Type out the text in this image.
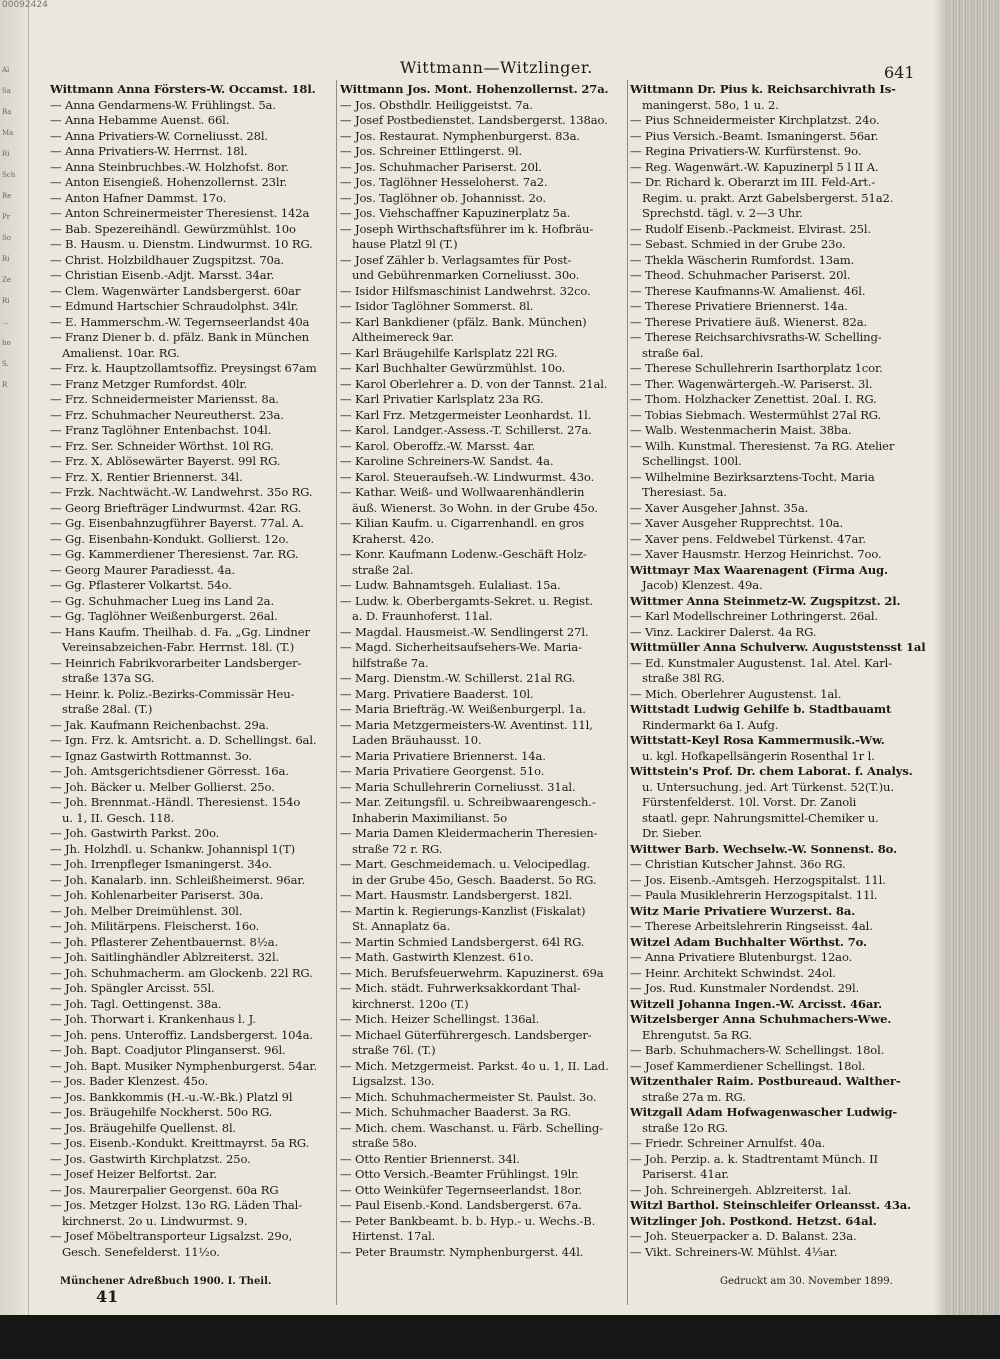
00092424
Al
Sa
Ba
Ma
Ri
Sch
Re
Pr
So
Ri
Ze
Ri
...
ho
S.
R
Wittmann—Witzlinger.	641
Wittmann Anna Försters-W. Occamst. 18l.
— Anna Gendarmens-W. Frühlingst. 5a.
— Anna Hebamme Auenst. 66l.
— Anna Privatiers-W. Corneliusst. 28l.
— Anna Privatiers-W. Herrnst. 18l.
— Anna Steinbruchbes.-W. Holzhofst. 8or.
— Anton Eisengieß. Hohenzollernst. 23lr.
— Anton Hafner Dammst. 17o.
— Anton Schreinermeister Theresienst. 142a
— Bab. Spezereihändl. Gewürzmühlst. 10o
— B. Hausm. u. Dienstm. Lindwurmst. 10 RG.
— Christ. Holzbildhauer Zugspitzst. 70a.
— Christian Eisenb.-Adjt. Marsst. 34ar.
— Clem. Wagenwärter Landsbergerst. 60ar
— Edmund Hartschier Schraudolphst. 34lr.
— E. Hammerschm.-W. Tegernseerlandst 40a
— Franz Diener b. d. pfälz. Bank in München
Amalienst. 10ar. RG.
— Frz. k. Hauptzollamtsoffiz. Preysingst 67am
— Franz Metzger Rumfordst. 40lr.
— Frz. Schneidermeister Mariensst. 8a.
— Frz. Schuhmacher Neureutherst. 23a.
— Franz Taglöhner Entenbachst. 104l.
— Frz. Ser. Schneider Wörthst. 10l RG.
— Frz. X. Ablösewärter Bayerst. 99l RG.
— Frz. X. Rentier Briennerst. 34l.
— Frzk. Nachtwächt.-W. Landwehrst. 35o RG.
— Georg Briefträger Lindwurmst. 42ar. RG.
— Gg. Eisenbahnzugführer Bayerst. 77al. A.
— Gg. Eisenbahn-Kondukt. Gollierst. 12o.
— Gg. Kammerdiener Theresienst. 7ar. RG.
— Georg Maurer Paradiesst. 4a.
— Gg. Pflasterer Volkartst. 54o.
— Gg. Schuhmacher Lueg ins Land 2a.
— Gg. Taglöhner Weißenburgerst. 26al.
— Hans Kaufm. Theilhab. d. Fa. „Gg. Lindner
Vereinsabzeichen-Fabr. Herrnst. 18l. (T.)
— Heinrich Fabrikvorarbeiter Landsberger-
straße 137a SG.
— Heinr. k. Poliz.-Bezirks-Commissär Heu-
straße 28al. (T.)
— Jak. Kaufmann Reichenbachst. 29a.
— Ign. Frz. k. Amtsricht. a. D. Schellingst. 6al.
— Ignaz Gastwirth Rottmannst. 3o.
— Joh. Amtsgerichtsdiener Görresst. 16a.
— Joh. Bäcker u. Melber Gollierst. 25o.
— Joh. Brennmat.-Händl. Theresienst. 154o
u. 1, II. Gesch. 118.
— Joh. Gastwirth Parkst. 20o.
— Jh. Holzhdl. u. Schankw. Johannispl 1(T)
— Joh. Irrenpfleger Ismaningerst. 34o.
— Joh. Kanalarb. inn. Schleißheimerst. 96ar.
— Joh. Kohlenarbeiter Pariserst. 30a.
— Joh. Melber Dreimühlenst. 30l.
— Joh. Militärpens. Fleischerst. 16o.
— Joh. Pflasterer Zehentbauernst. 8½a.
— Joh. Saitlinghändler Ablzreiterst. 32l.
— Joh. Schuhmacherm. am Glockenb. 22l RG.
— Joh. Spängler Arcisst. 55l.
— Joh. Tagl. Oettingenst. 38a.
— Joh. Thorwart i. Krankenhaus l. J.
— Joh. pens. Unteroffiz. Landsbergerst. 104a.
— Joh. Bapt. Coadjutor Plinganserst. 96l.
— Joh. Bapt. Musiker Nymphenburgerst. 54ar.
— Jos. Bader Klenzest. 45o.
— Jos. Bankkommis (H.-u.-W.-Bk.) Platzl 9l
— Jos. Bräugehilfe Nockherst. 50o RG.
— Jos. Bräugehilfe Quellenst. 8l.
— Jos. Eisenb.-Kondukt. Kreittmayrst. 5a RG.
— Jos. Gastwirth Kirchplatzst. 25o.
— Josef Heizer Belfortst. 2ar.
— Jos. Maurerpalier Georgenst. 60a RG
— Jos. Metzger Holzst. 13o RG. Läden Thal-
kirchnerst. 2o u. Lindwurmst. 9.
— Josef Möbeltransporteur Ligsalzst. 29o,
Gesch. Senefelderst. 11½o.
Wittmann Jos. Mont. Hohenzollernst. 27a.
— Jos. Obsthdlr. Heiliggeistst. 7a.
— Josef Postbedienstet. Landsbergerst. 138ao.
— Jos. Restaurat. Nymphenburgerst. 83a.
— Jos. Schreiner Ettlingerst. 9l.
— Jos. Schuhmacher Pariserst. 20l.
— Jos. Taglöhner Hesseloherst. 7a2.
— Jos. Taglöhner ob. Johannisst. 2o.
— Jos. Viehschaffner Kapuzinerplatz 5a.
— Joseph Wirthschaftsführer im k. Hofbräu-
hause Platzl 9l (T.)
— Josef Zähler b. Verlagsamtes für Post-
und Gebührenmarken Corneliusst. 30o.
— Isidor Hilfsmaschinist Landwehrst. 32co.
— Isidor Taglöhner Sommerst. 8l.
— Karl Bankdiener (pfälz. Bank. München)
Altheimereck 9ar.
— Karl Bräugehilfe Karlsplatz 22l RG.
— Karl Buchhalter Gewürzmühlst. 10o.
— Karol Oberlehrer a. D. von der Tannst. 21al.
— Karl Privatier Karlsplatz 23a RG.
— Karl Frz. Metzgermeister Leonhardst. 1l.
— Karol. Landger.-Assess.-T. Schillerst. 27a.
— Karol. Oberoffz.-W. Marsst. 4ar.
— Karoline Schreiners-W. Sandst. 4a.
— Karol. Steueraufseh.-W. Lindwurmst. 43o.
— Kathar. Weiß- und Wollwaarenhändlerin
äuß. Wienerst. 3o Wohn. in der Grube 45o.
— Kilian Kaufm. u. Cigarrenhandl. en gros
Kraherst. 42o.
— Konr. Kaufmann Lodenw.-Geschäft Holz-
straße 2al.
— Ludw. Bahnamtsgeh. Eulaliast. 15a.
— Ludw. k. Oberbergamts-Sekret. u. Regist.
a. D. Fraunhoferst. 11al.
— Magdal. Hausmeist.-W. Sendlingerst 27l.
— Magd. Sicherheitsaufsehers-We. Maria-
hilfstraße 7a.
— Marg. Dienstm.-W. Schillerst. 21al RG.
— Marg. Privatiere Baaderst. 10l.
— Maria Briefträg.-W. Weißenburgerpl. 1a.
— Maria Metzgermeisters-W. Aventinst. 11l,
Laden Bräuhausst. 10.
— Maria Privatiere Briennerst. 14a.
— Maria Privatiere Georgenst. 51o.
— Maria Schullehrerin Corneliusst. 31al.
— Mar. Zeitungsfil. u. Schreibwaarengesch.-
Inhaberin Maximilianst. 5o
— Maria Damen Kleidermacherin Theresien-
straße 72 r. RG.
— Mart. Geschmeidemach. u. Velocipedlag.
in der Grube 45o, Gesch. Baaderst. 5o RG.
— Mart. Hausmstr. Landsbergerst. 182l.
— Martin k. Regierungs-Kanzlist (Fiskalat)
St. Annaplatz 6a.
— Martin Schmied Landsbergerst. 64l RG.
— Math. Gastwirth Klenzest. 61o.
— Mich. Berufsfeuerwehrm. Kapuzinerst. 69a
— Mich. städt. Fuhrwerksakkordant Thal-
kirchnerst. 120o (T.)
— Mich. Heizer Schellingst. 136al.
— Michael Güterführergesch. Landsberger-
straße 76l. (T.)
— Mich. Metzgermeist. Parkst. 4o u. 1, II. Lad.
Ligsalzst. 13o.
— Mich. Schuhmachermeister St. Paulst. 3o.
— Mich. Schuhmacher Baaderst. 3a RG.
— Mich. chem. Waschanst. u. Färb. Schelling-
straße 58o.
— Otto Rentier Briennerst. 34l.
— Otto Versich.-Beamter Frühlingst. 19lr.
— Otto Weinküfer Tegernseerlandst. 18or.
— Paul Eisenb.-Kond. Landsbergerst. 67a.
— Peter Bankbeamt. b. b. Hyp.- u. Wechs.-B.
Hirtenst. 17al.
— Peter Braumstr. Nymphenburgerst. 44l.
Wittmann Dr. Pius k. Reichsarchivrath Is-
maningerst. 58o, 1 u. 2.
— Pius Schneidermeister Kirchplatzst. 24o.
— Pius Versich.-Beamt. Ismaningerst. 56ar.
— Regina Privatiers-W. Kurfürstenst. 9o.
— Reg. Wagenwärt.-W. Kapuzinerpl 5 l II A.
— Dr. Richard k. Oberarzt im III. Feld-Art.-
Regim. u. prakt. Arzt Gabelsbergerst. 51a2.
Sprechstd. tägl. v. 2—3 Uhr.
— Rudolf Eisenb.-Packmeist. Elvirast. 25l.
— Sebast. Schmied in der Grube 23o.
— Thekla Wäscherin Rumfordst. 13am.
— Theod. Schuhmacher Pariserst. 20l.
— Therese Kaufmanns-W. Amalienst. 46l.
— Therese Privatiere Briennerst. 14a.
— Therese Privatiere äuß. Wienerst. 82a.
— Therese Reichsarchivsraths-W. Schelling-
straße 6al.
— Therese Schullehrerin Isarthorplatz 1cor.
— Ther. Wagenwärtergeh.-W. Pariserst. 3l.
— Thom. Holzhacker Zenettist. 20al. I. RG.
— Tobias Siebmach. Westermühlst 27al RG.
— Walb. Westenmacherin Maist. 38ba.
— Wilh. Kunstmal. Theresienst. 7a RG. Atelier
Schellingst. 100l.
— Wilhelmine Bezirksarztens-Tocht. Maria
Theresiast. 5a.
— Xaver Ausgeher Jahnst. 35a.
— Xaver Ausgeher Rupprechtst. 10a.
— Xaver pens. Feldwebel Türkenst. 47ar.
— Xaver Hausmstr. Herzog Heinrichst. 7oo.
Wittmayr Max Waarenagent (Firma Aug.
Jacob) Klenzest. 49a.
Wittmer Anna Steinmetz-W. Zugspitzst. 2l.
— Karl Modellschreiner Lothringerst. 26al.
— Vinz. Lackirer Dalerst. 4a RG.
Wittmüller Anna Schulverw. Auguststensst 1al
— Ed. Kunstmaler Augustenst. 1al. Atel. Karl-
straße 38l RG.
— Mich. Oberlehrer Augustenst. 1al.
Wittstadt Ludwig Gehilfe b. Stadtbauamt
Rindermarkt 6a I. Aufg.
Wittstatt-Keyl Rosa Kammermusik.-Ww.
u. kgl. Hofkapellsängerin Rosenthal 1r l.
Wittstein's Prof. Dr. chem Laborat. f. Analys.
u. Untersuchung. jed. Art Türkenst. 52(T.)u.
Fürstenfelderst. 10l. Vorst. Dr. Zanoli
staatl. gepr. Nahrungsmittel-Chemiker u.
Dr. Sieber.
Wittwer Barb. Wechselw.-W. Sonnenst. 8o.
— Christian Kutscher Jahnst. 36o RG.
— Jos. Eisenb.-Amtsgeh. Herzogspitalst. 11l.
— Paula Musiklehrerin Herzogspitalst. 11l.
Witz Marie Privatiere Wurzerst. 8a.
— Therese Arbeitslehrerin Ringseisst. 4al.
Witzel Adam Buchhalter Wörthst. 7o.
— Anna Privatiere Blutenburgst. 12ao.
— Heinr. Architekt Schwindst. 24ol.
— Jos. Rud. Kunstmaler Nordendst. 29l.
Witzell Johanna Ingen.-W. Arcisst. 46ar.
Witzelsberger Anna Schuhmachers-Wwe.
Ehrengutst. 5a RG.
— Barb. Schuhmachers-W. Schellingst. 18ol.
— Josef Kammerdiener Schellingst. 18ol.
Witzenthaler Raim. Postbureaud. Walther-
straße 27a m. RG.
Witzgall Adam Hofwagenwascher Ludwig-
straße 12o RG.
— Friedr. Schreiner Arnulfst. 40a.
— Joh. Perzip. a. k. Stadtrentamt Münch. II
Pariserst. 41ar.
— Joh. Schreinergeh. Ablzreiterst. 1al.
Witzl Barthol. Steinschleifer Orleansst. 43a.
Witzlinger Joh. Postkond. Hetzst. 64al.
— Joh. Steuerpacker a. D. Balanst. 23a.
— Vikt. Schreiners-W. Mühlst. 4⅓ar.
Münchener Adreßbuch 1900. I. Theil.
41
Gedruckt am 30. November 1899.
